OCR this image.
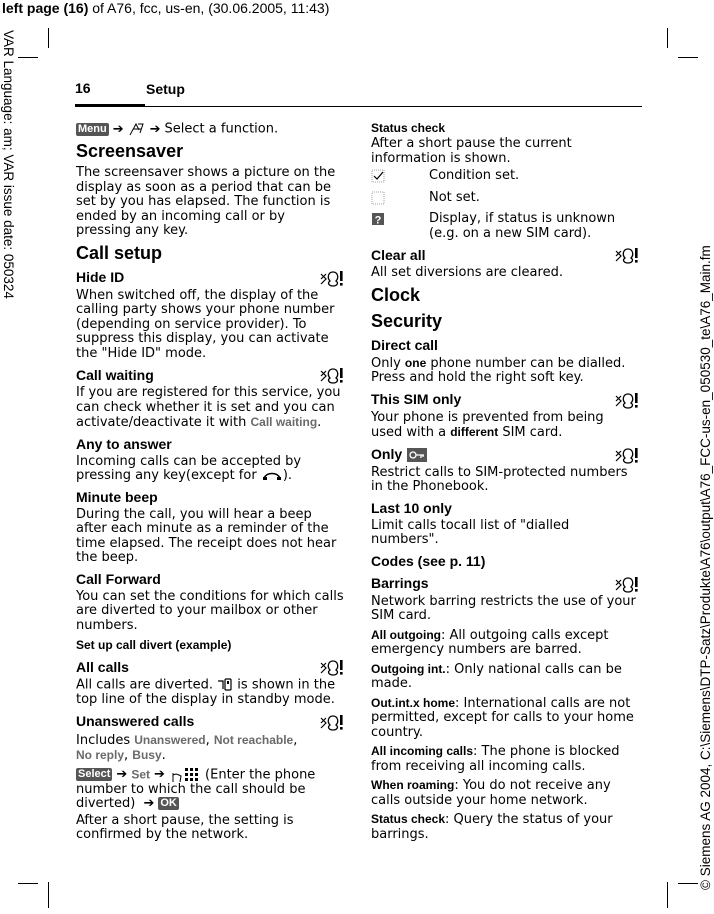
left page (16) of A76, fcc, us-en, (30.06.2005, 11:43)
VAR Language: am; VAR issue date: 050324
© Siemens AG 2004, C:\Siemens\DTP-Satz\Produkte\A76\output\A76_FCC-us-en_050530_te\A76_Main.fm
16	Setup

Menu ➔ ➔ Select a function.

Screensaver

The screensaver shows a picture on the display as soon as a period that can be set by you has elapsed. The function is ended by an incoming call or by pressing any key.

Call setup
Hide ID

When switched off, the display of the calling party shows your phone number (depending on service provider). To suppress this display, you can activate the "Hide ID" mode.

Call waiting

If you are registered for this service, you can check whether it is set and you can activate/deactivate it with Call waiting.

Any to answer

Incoming calls can be accepted by pressing any key(except for ).

Minute beep

During the call, you will hear a beep after each minute as a reminder of the time elapsed. The receipt does not hear the beep.

Call Forward

You can set the conditions for which calls are diverted to your mailbox or other numbers.

Set up call divert (example)
All calls

All calls are diverted.  is shown in the top line of the display in standby mode.

Unanswered calls

Includes Unanswered, Not reachable,
No reply, Busy.

Select ➔ Set ➔	(Enter the phone number to which the call should be diverted) ➔ OK

After a short pause, the setting is confirmed by the network.

Status check

After a short pause the current information is shown.

Condition set.
Not set.
?	Display, if status is unknown (e.g. on a new SIM card).
Clear all

All set diversions are cleared.

Clock
Security
Direct call

Only one phone number can be dialled. Press and hold the right soft key.

This SIM only

Your phone is prevented from being used with a different SIM card.

Only

Restrict calls to SIM-protected numbers in the Phonebook.

Last 10 only

Limit calls tocall list of "dialled numbers".

Codes (see p. 11)
Barrings

Network barring restricts the use of your SIM card.

All outgoing: All outgoing calls except emergency numbers are barred.

Outgoing int.: Only national calls can be made.

Out.int.x home: International calls are not permitted, except for calls to your home country.

All incoming calls: The phone is blocked from receiving all incoming calls.

When roaming: You do not receive any calls outside your home network.

Status check: Query the status of your barrings.
